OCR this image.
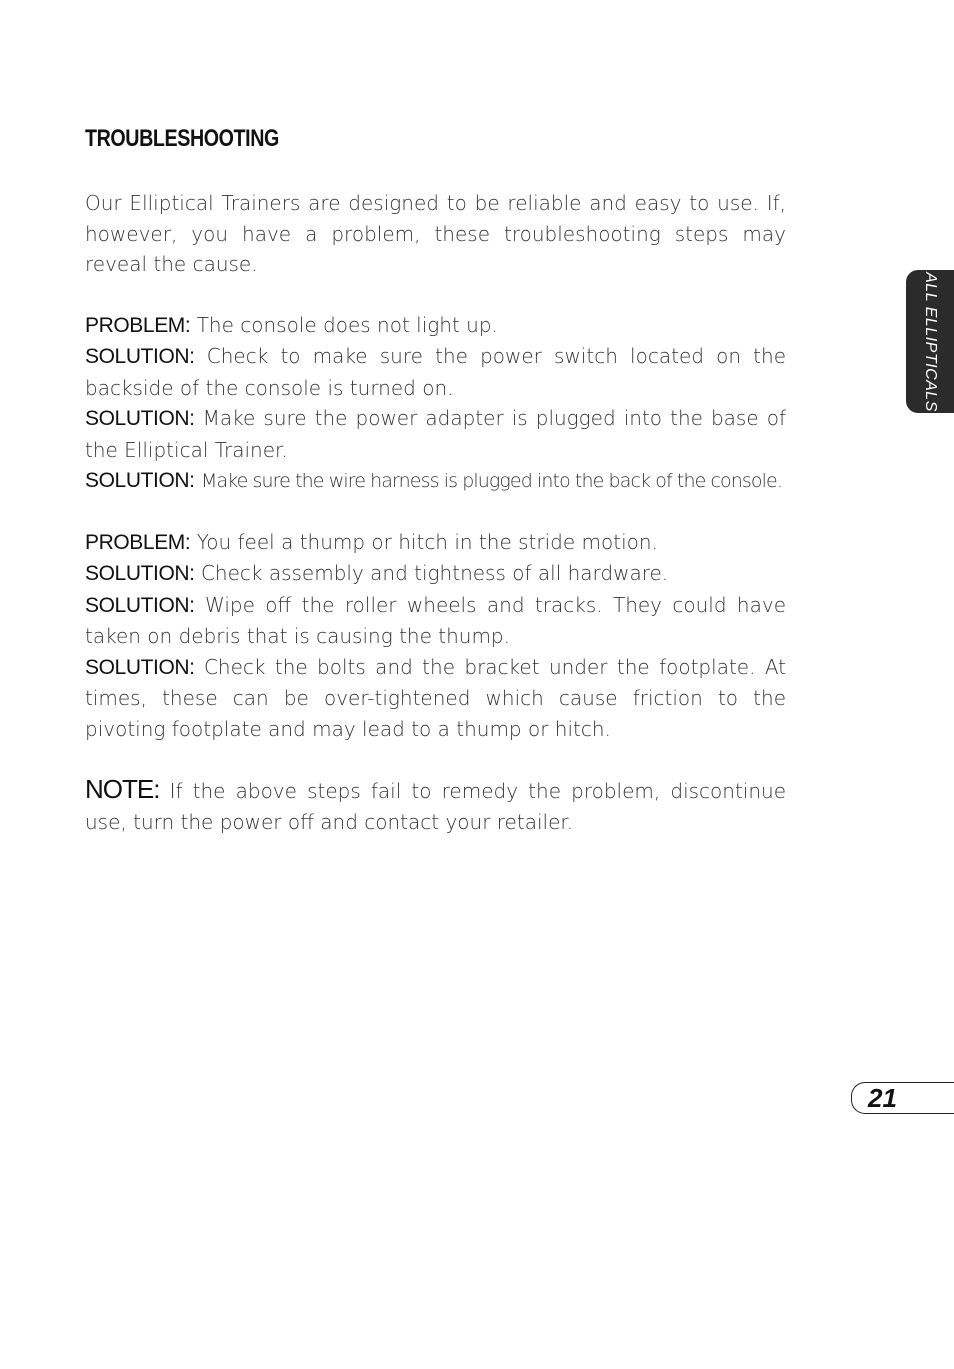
TROUBLESHOOTING

Our Elliptical Trainers are designed to be reliable and easy to use. If, however, you have a problem, these troubleshooting steps may reveal the cause.

PROBLEM: The console does not light up.

SOLUTION: Check to make sure the power switch located on the backside of the console is turned on.

SOLUTION: Make sure the power adapter is plugged into the base of the Elliptical Trainer.

SOLUTION: Make sure the wire harness is plugged into the back of the console.

PROBLEM: You feel a thump or hitch in the stride motion.

SOLUTION: Check assembly and tightness of all hardware.

SOLUTION: Wipe off the roller wheels and tracks. They could have taken on debris that is causing the thump.

SOLUTION: Check the bolts and the bracket under the footplate. At times, these can be over-tightened which cause friction to the pivoting footplate and may lead to a thump or hitch.

NOTE: If the above steps fail to remedy the problem, discontinue use, turn the power off and contact your retailer.

ALL ELLIPTICALS
21
